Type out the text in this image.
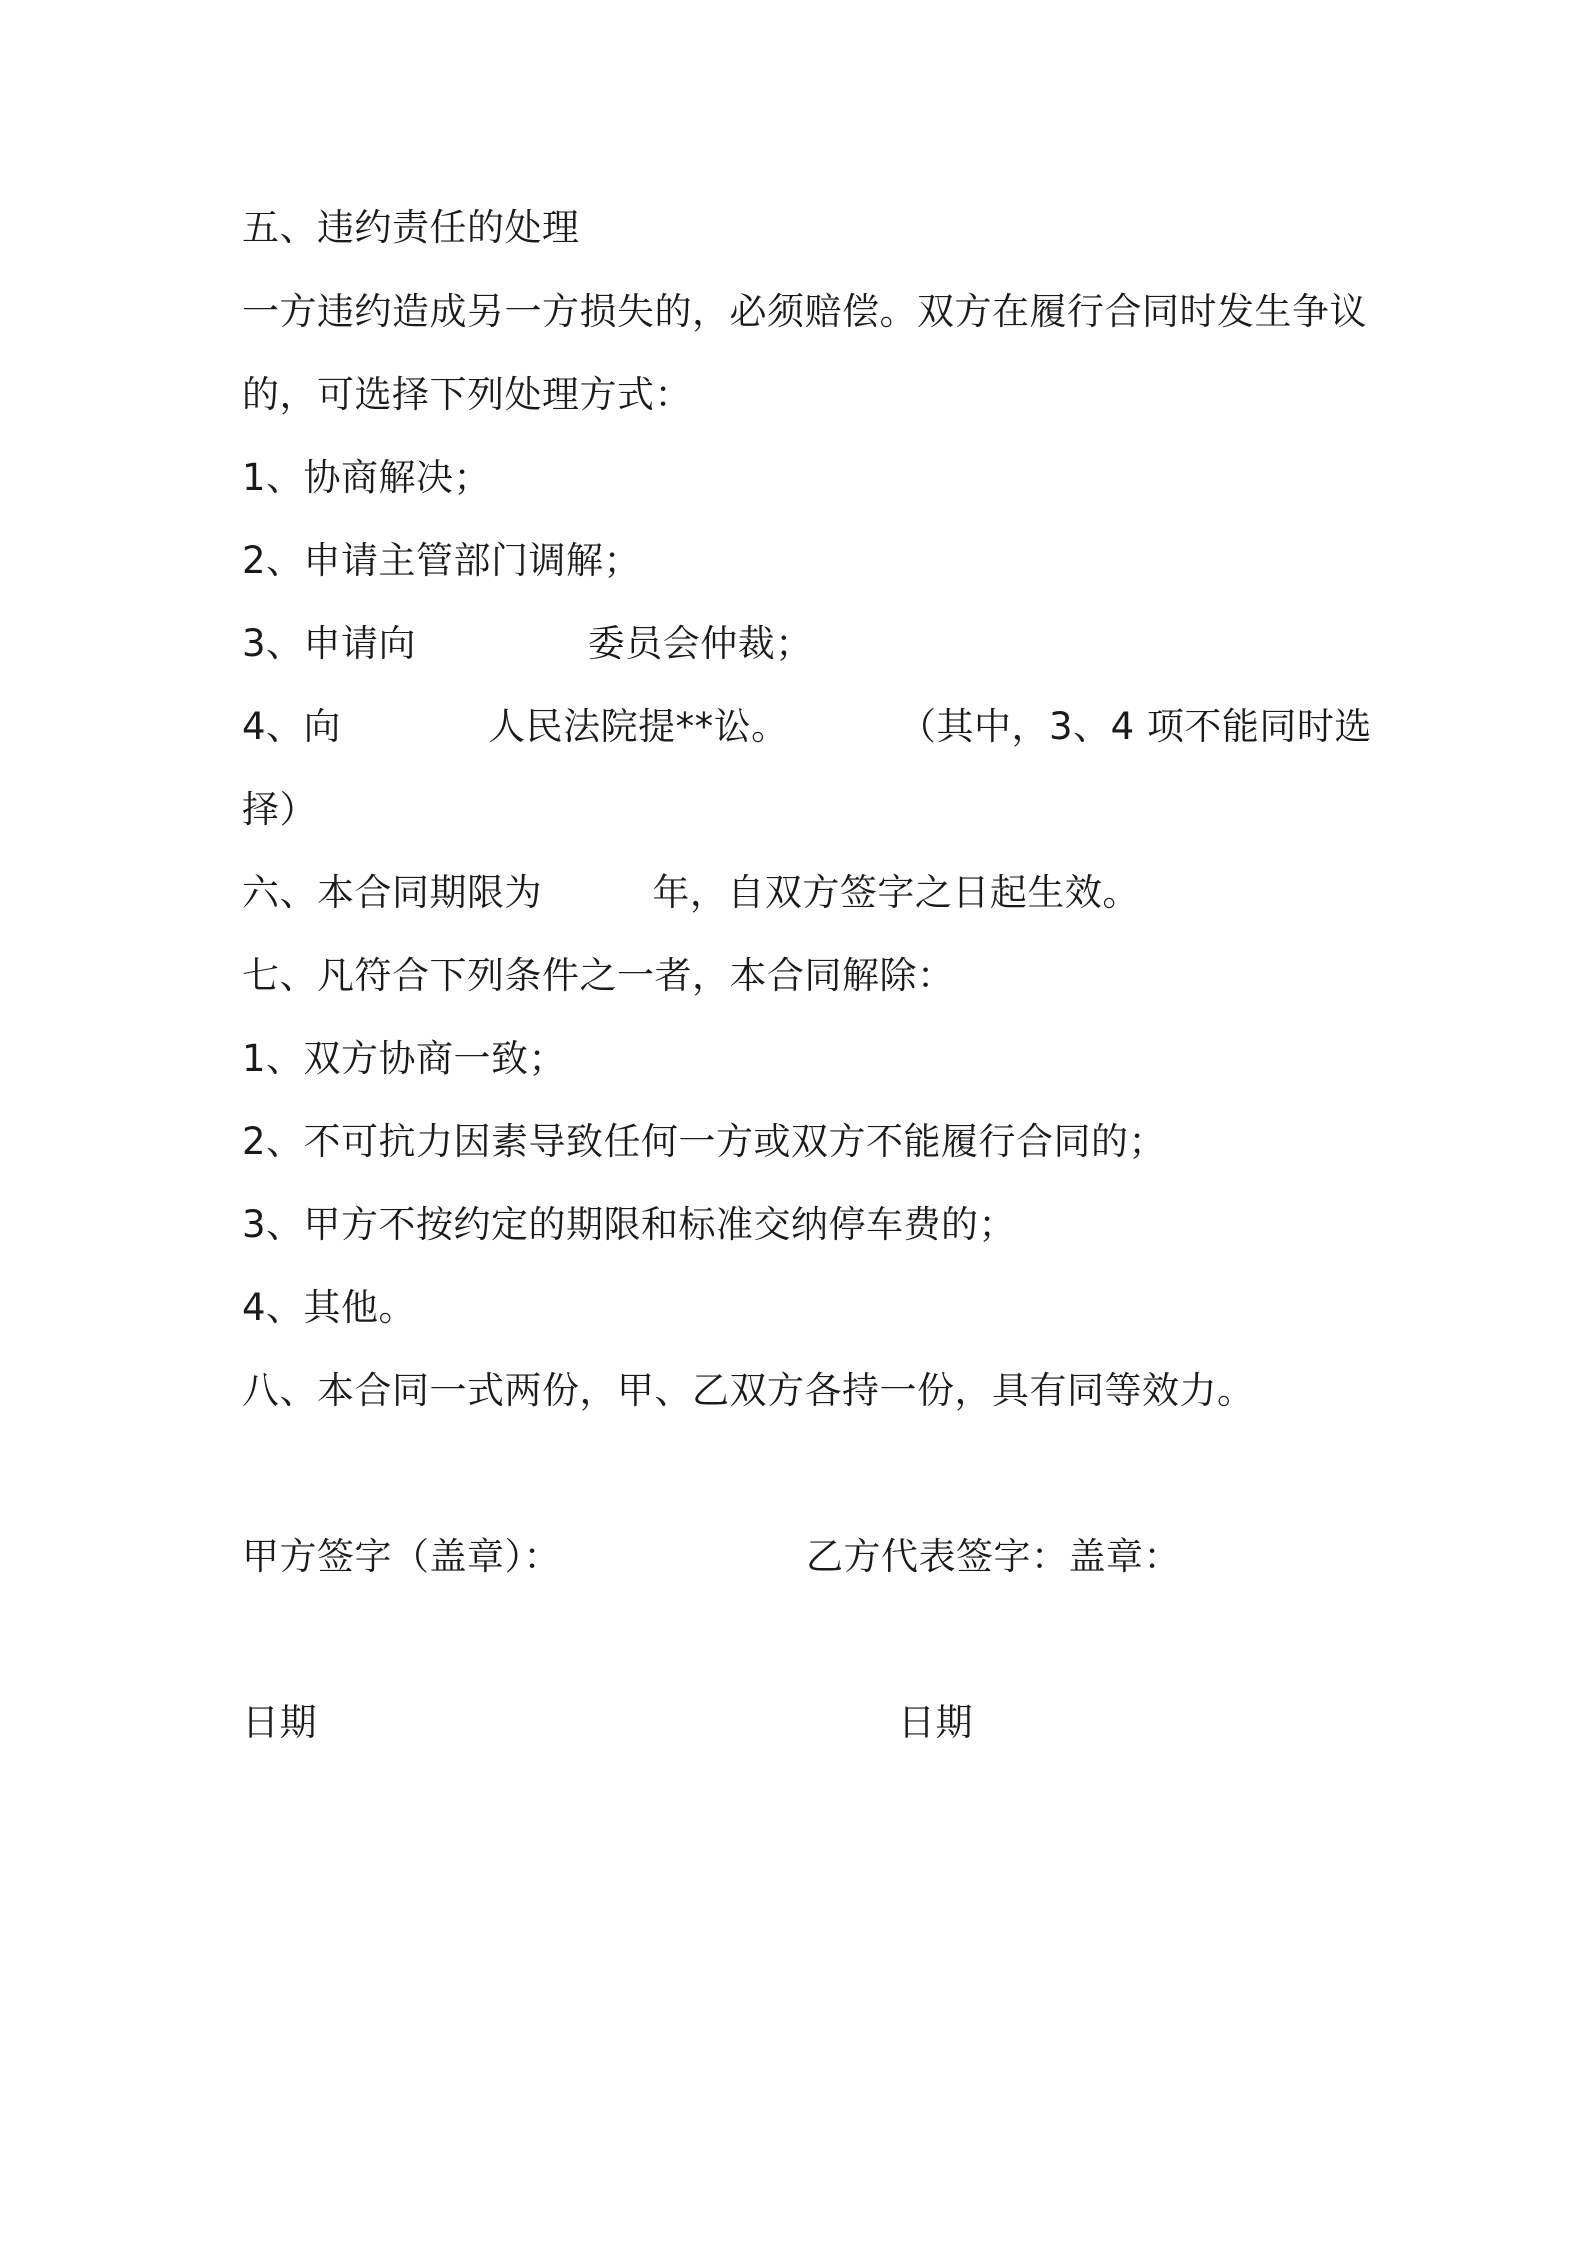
五、违约责任的处理
一方违约造成另一方损失的，必须赔偿。双方在履行合同时发生争议
的，可选择下列处理方式：
1、协商解决；
2、申请主管部门调解；
3、申请向              委员会仲裁；
4、向            人民法院提**讼。         （其中，3、4 项不能同时选
择）
六、本合同期限为         年，自双方签字之日起生效。
七、凡符合下列条件之一者，本合同解除：
1、双方协商一致；
2、不可抗力因素导致任何一方或双方不能履行合同的；
3、甲方不按约定的期限和标准交纳停车费的；
4、其他。
八、本合同一式两份，甲、乙双方各持一份，具有同等效力。
甲方签字（盖章）：	乙方代表签字：盖章：
日期	日期
